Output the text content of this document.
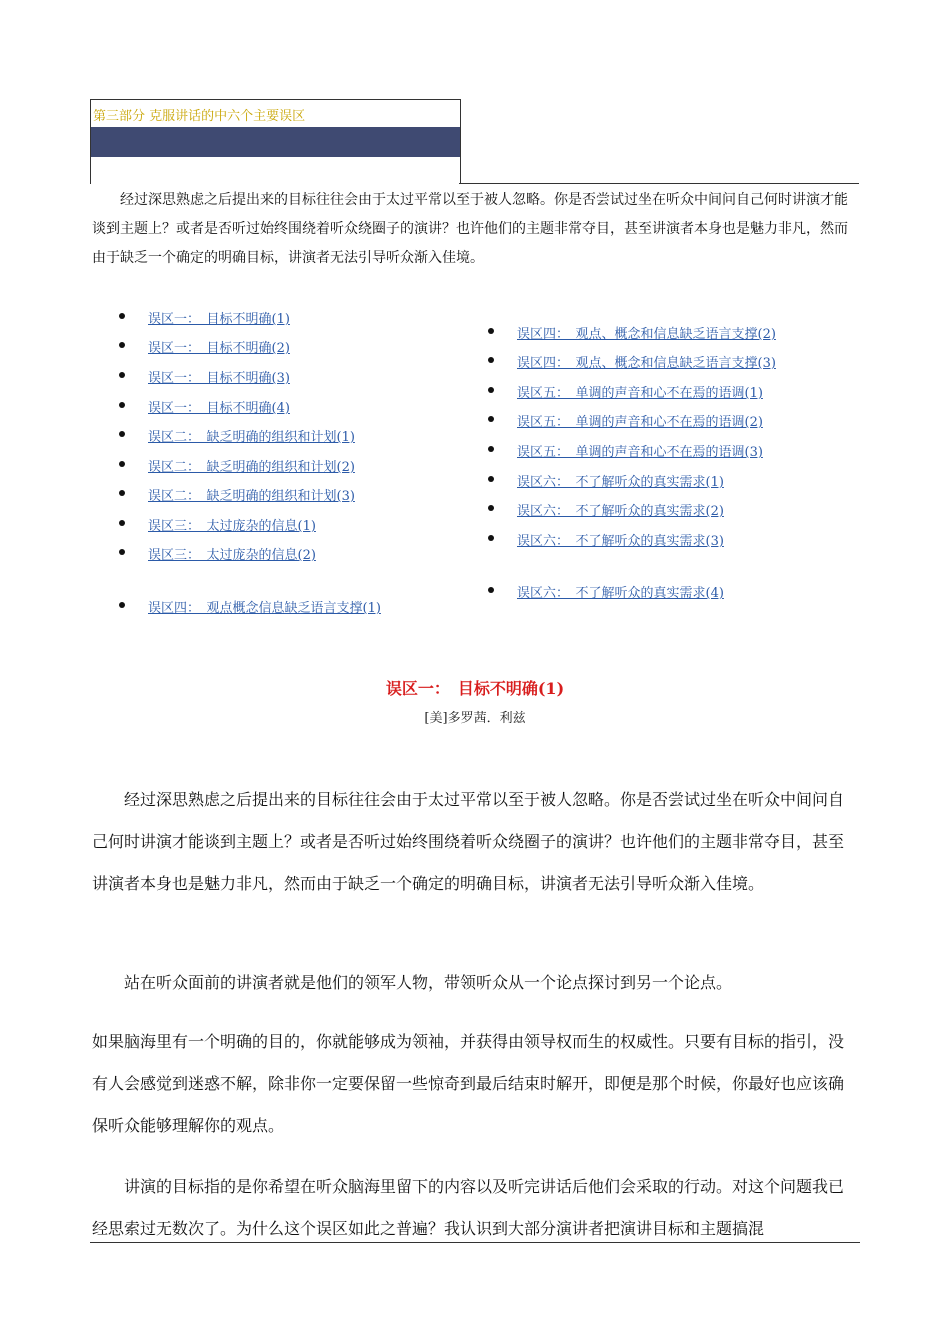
第三部分 克服讲话的中六个主要误区

经过深思熟虑之后提出来的目标往往会由于太过平常以至于被人忽略。你是否尝试过坐在听众中间问自己何时讲演才能谈到主题上？或者是否听过始终围绕着听众绕圈子的演讲？也许他们的主题非常夺目，甚至讲演者本身也是魅力非凡，然而由于缺乏一个确定的明确目标，讲演者无法引导听众渐入佳境。

误区一：　目标不明确(1)
误区一：　目标不明确(2)
误区一：　目标不明确(3)
误区一：　目标不明确(4)
误区二：　缺乏明确的组织和计划(1)
误区二：　缺乏明确的组织和计划(2)
误区二：　缺乏明确的组织和计划(3)
误区三：　太过庞杂的信息(1)
误区三：　太过庞杂的信息(2)
误区四：　观点概念信息缺乏语言支撑(1)
误区四：　观点、概念和信息缺乏语言支撑(2)
误区四：　观点、概念和信息缺乏语言支撑(3)
误区五：　单调的声音和心不在焉的语调(1)
误区五：　单调的声音和心不在焉的语调(2)
误区五：　单调的声音和心不在焉的语调(3)
误区六：　不了解听众的真实需求(1)
误区六：　不了解听众的真实需求(2)
误区六：　不了解听众的真实需求(3)
误区六：　不了解听众的真实需求(4)
误区一：　目标不明确(1)
[美]多罗茜．利兹

经过深思熟虑之后提出来的目标往往会由于太过平常以至于被人忽略。你是否尝试过坐在听众中间问自己何时讲演才能谈到主题上？或者是否听过始终围绕着听众绕圈子的演讲？也许他们的主题非常夺目，甚至讲演者本身也是魅力非凡，然而由于缺乏一个确定的明确目标，讲演者无法引导听众渐入佳境。

站在听众面前的讲演者就是他们的领军人物，带领听众从一个论点探讨到另一个论点。

如果脑海里有一个明确的目的，你就能够成为领袖，并获得由领导权而生的权威性。只要有目标的指引，没有人会感觉到迷惑不解，除非你一定要保留一些惊奇到最后结束时解开，即便是那个时候，你最好也应该确保听众能够理解你的观点。

讲演的目标指的是你希望在听众脑海里留下的内容以及听完讲话后他们会采取的行动。对这个问题我已经思索过无数次了。为什么这个误区如此之普遍？我认识到大部分演讲者把演讲目标和主题搞混
